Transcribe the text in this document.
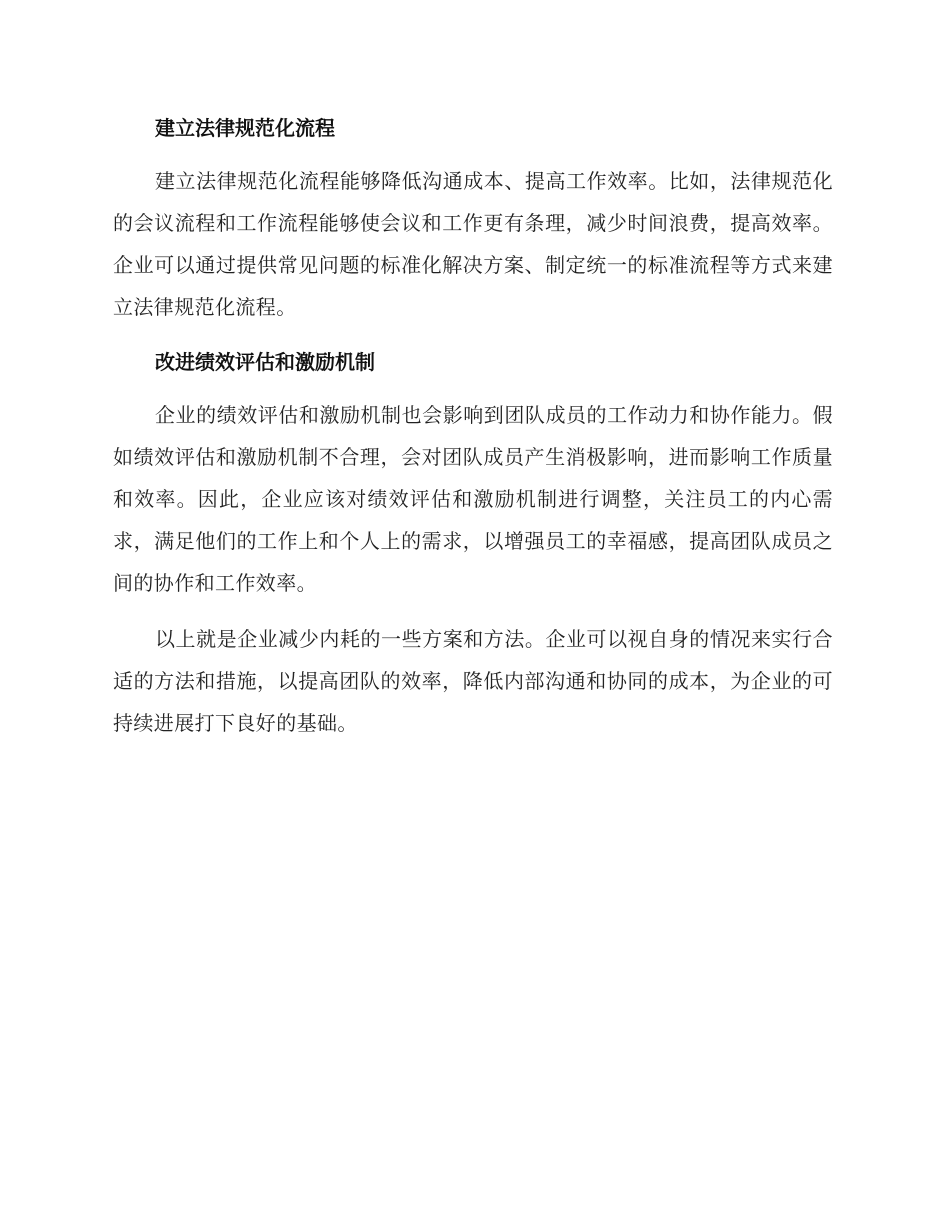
建立法律规范化流程

建立法律规范化流程能够降低沟通成本、提高工作效率。比如，法律规范化的会议流程和工作流程能够使会议和工作更有条理，减少时间浪费，提高效率。企业可以通过提供常见问题的标准化解决方案、制定统一的标准流程等方式来建立法律规范化流程。

改进绩效评估和激励机制

企业的绩效评估和激励机制也会影响到团队成员的工作动力和协作能力。假如绩效评估和激励机制不合理，会对团队成员产生消极影响，进而影响工作质量和效率。因此，企业应该对绩效评估和激励机制进行调整，关注员工的内心需求，满足他们的工作上和个人上的需求，以增强员工的幸福感，提高团队成员之间的协作和工作效率。

以上就是企业减少内耗的一些方案和方法。企业可以视自身的情况来实行合适的方法和措施，以提高团队的效率，降低内部沟通和协同的成本，为企业的可持续进展打下良好的基础。
